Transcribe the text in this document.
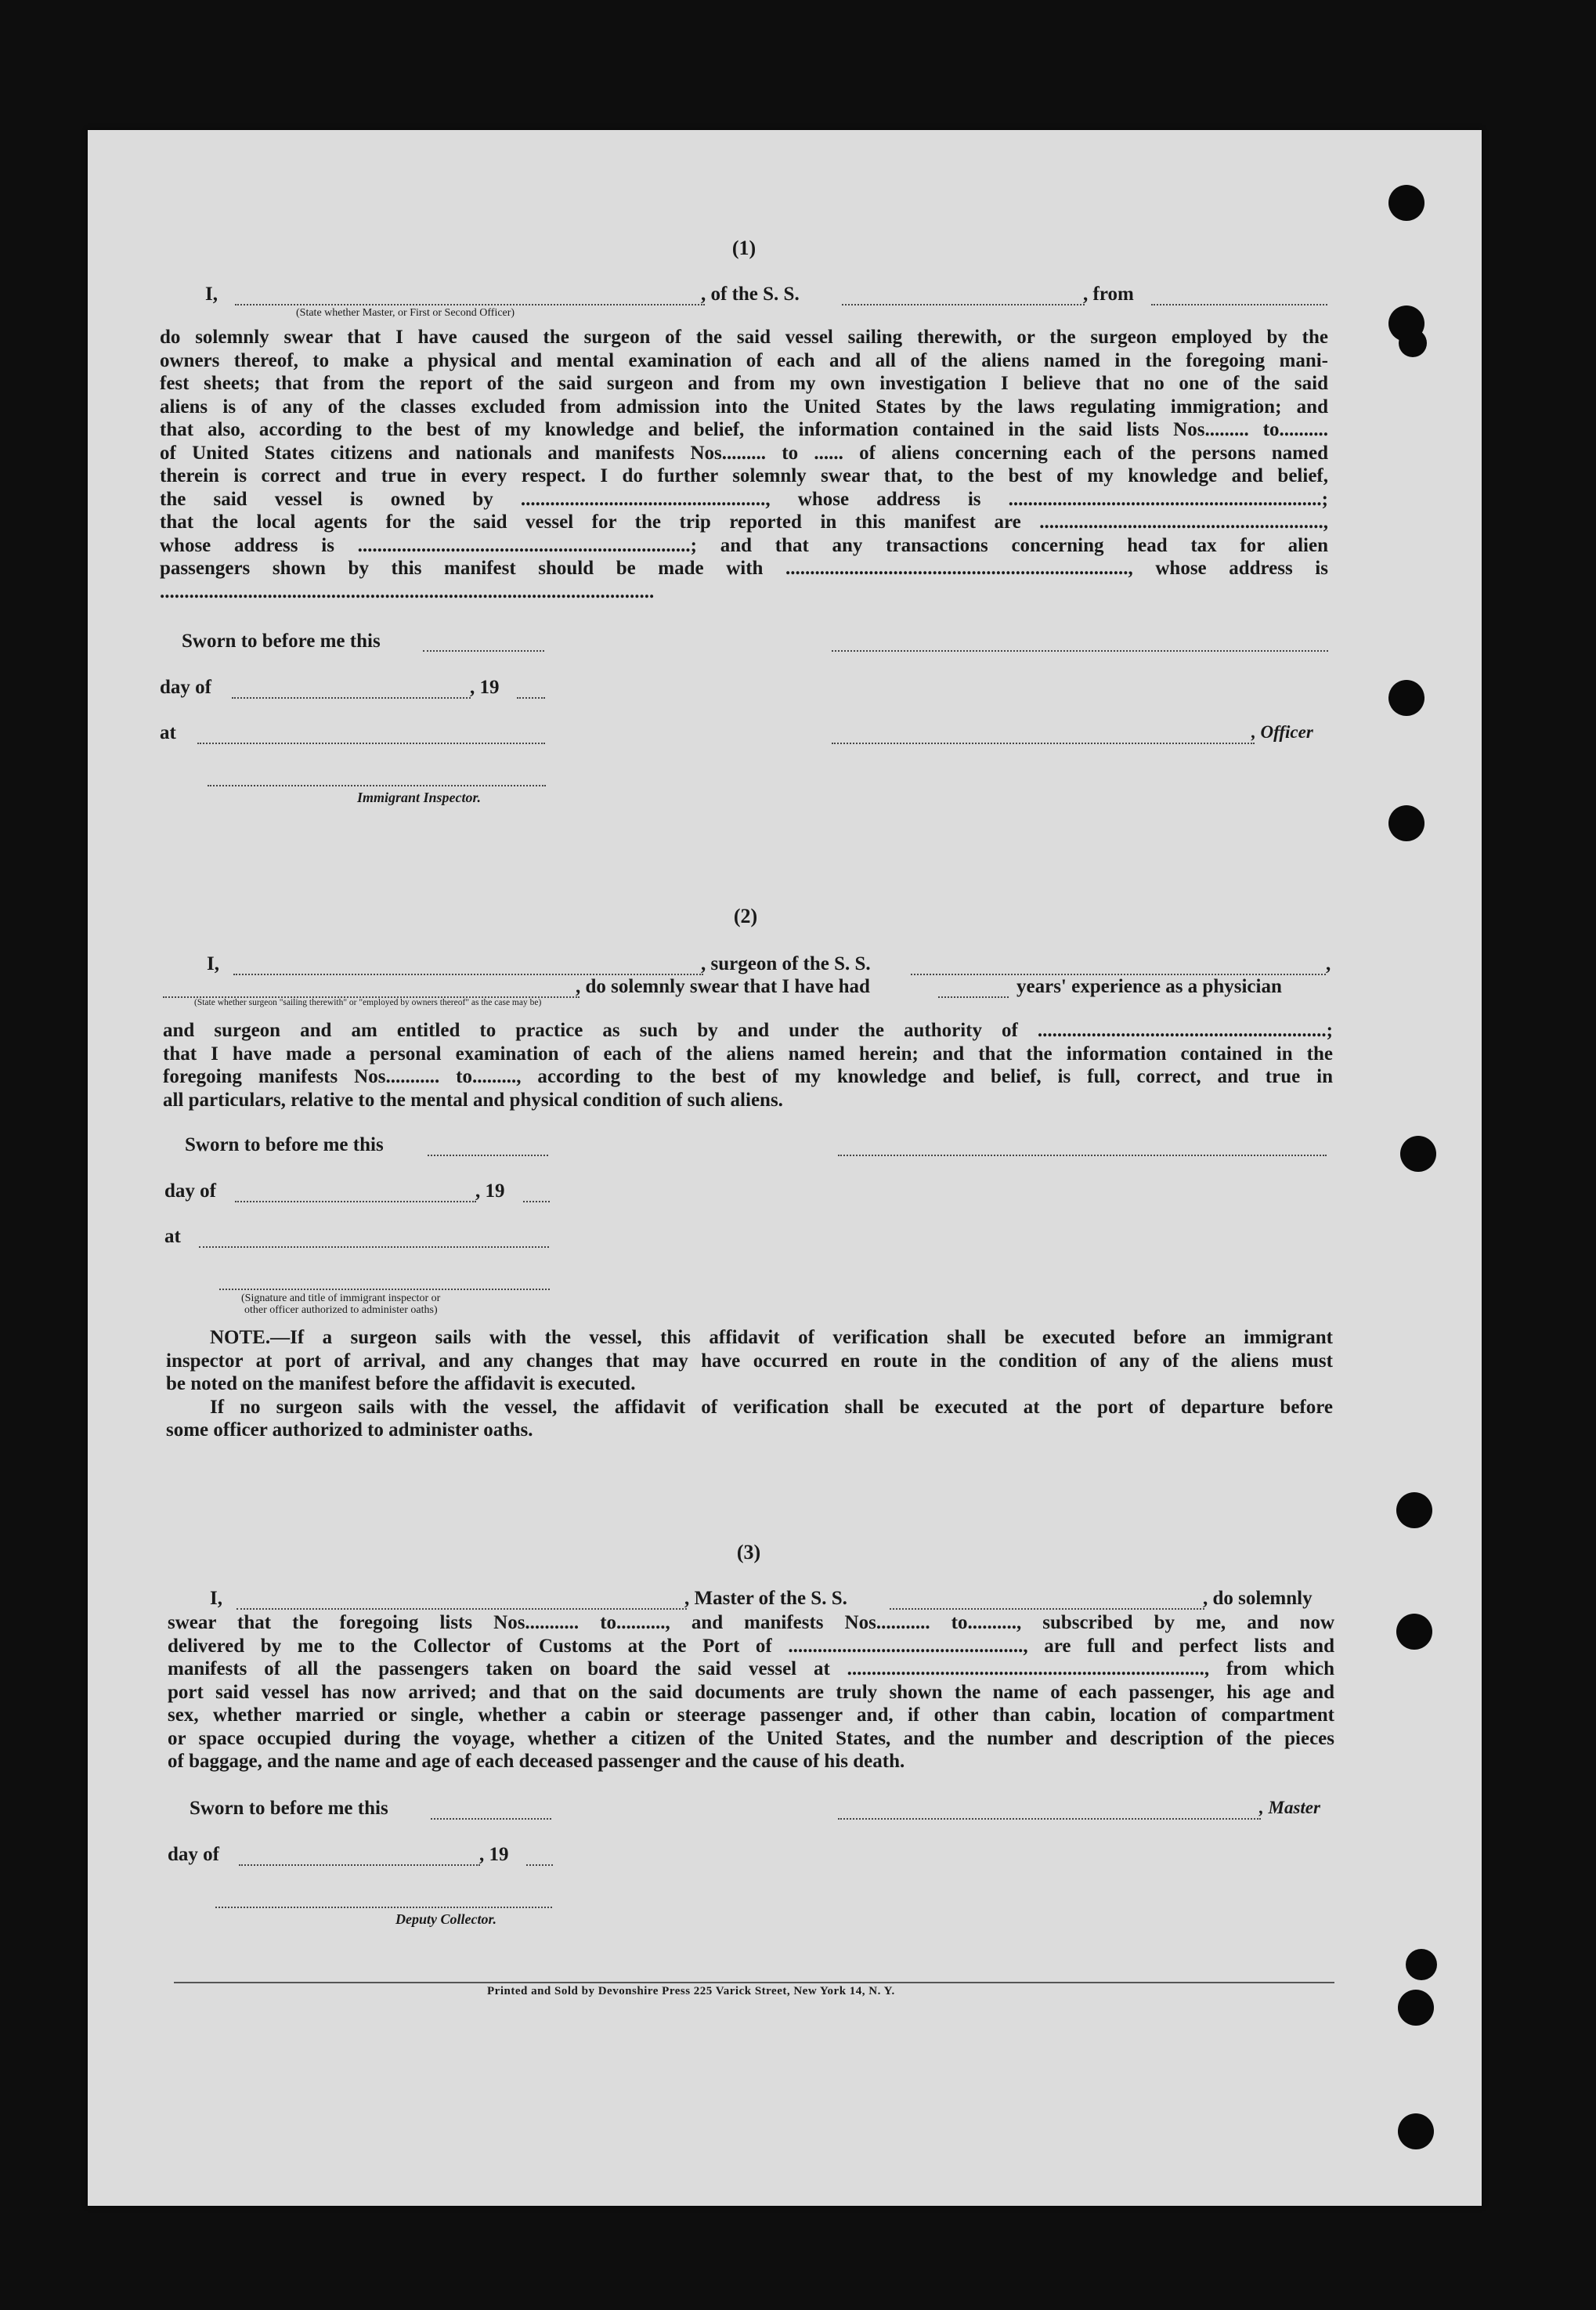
(1)
I,	, of the S. S.	, from
(State whether Master, or First or Second Officer)
do solemnly swear that I have caused the surgeon of the said vessel sailing therewith, or the surgeon employed by the
owners thereof, to make a physical and mental examination of each and all of the aliens named in the foregoing mani-
fest sheets; that from the report of the said surgeon and from my own investigation I believe that no one of the said
aliens is of any of the classes excluded from admission into the United States by the laws regulating immigration; and
that also, according to the best of my knowledge and belief, the information contained in the said lists Nos......... to..........
of United States citizens and nationals and manifests Nos......... to ...... of aliens concerning each of the persons named
therein is correct and true in every respect. I do further solemnly swear that, to the best of my knowledge and belief,
the said vessel is owned by .................................................., whose address is ................................................................;
that the local agents for the said vessel for the trip reported in this manifest are ..........................................................,
whose address is ....................................................................; and that any transactions concerning head tax for alien
passengers shown by this manifest should be made with ......................................................................, whose address is
.....................................................................................................
Sworn to before me this
day of	, 19
at	, Officer
Immigrant Inspector.
(2)
I,	, surgeon of the S. S.	,
, do solemnly swear that I have had	years' experience as a physician
(State whether surgeon "sailing therewith" or "employed by owners thereof" as the case may be)
and surgeon and am entitled to practice as such by and under the authority of ...........................................................;
that I have made a personal examination of each of the aliens named herein; and that the information contained in the
foregoing manifests Nos........... to........., according to the best of my knowledge and belief, is full, correct, and true in
all particulars, relative to the mental and physical condition of such aliens.
Sworn to before me this
day of	, 19
at
(Signature and title of immigrant inspector or
other officer authorized to administer oaths)
NOTE.—If a surgeon sails with the vessel, this affidavit of verification shall be executed before an immigrant
inspector at port of arrival, and any changes that may have occurred en route in the condition of any of the aliens must
be noted on the manifest before the affidavit is executed.
If no surgeon sails with the vessel, the affidavit of verification shall be executed at the port of departure before
some officer authorized to administer oaths.
(3)
I,	, Master of the S. S.	, do solemnly
swear that the foregoing lists Nos........... to.........., and manifests Nos........... to.........., subscribed by me, and now
delivered by me to the Collector of Customs at the Port of ................................................, are full and perfect lists and
manifests of all the passengers taken on board the said vessel at ........................................................................., from which
port said vessel has now arrived; and that on the said documents are truly shown the name of each passenger, his age and
sex, whether married or single, whether a cabin or steerage passenger and, if other than cabin, location of compartment
or space occupied during the voyage, whether a citizen of the United States, and the number and description of the pieces
of baggage, and the name and age of each deceased passenger and the cause of his death.
Sworn to before me this	, Master
day of	, 19
Deputy Collector.
Printed and Sold by Devonshire Press 225 Varick Street, New York 14, N. Y.
